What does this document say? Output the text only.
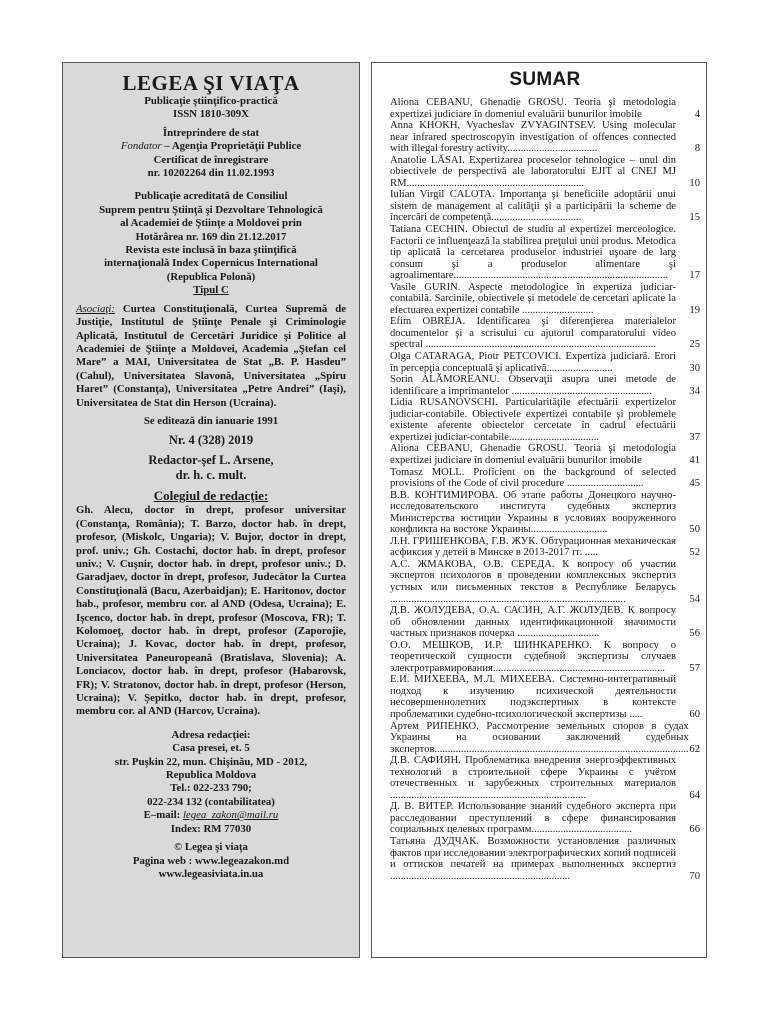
LEGEA ŞI VIAŢA
Publicaţie ştiinţifico-practică
ISSN 1810-309X
Întreprindere de stat
Fondator – Agenţia Proprietăţii Publice
Certificat de înregistrare
nr. 10202264 din 11.02.1993
Publicaţie acreditată de Consiliul
Suprem pentru Ştiinţă şi Dezvoltare Tehnologică
al Academiei de Ştiinţe a Moldovei prin
Hotărârea nr. 169 din 21.12.2017
Revista este inclusă în baza ştiinţifică
internaţională Index Copernicus International
(Republica Polonă)
Tipul C
Asociaţi: Curtea Constituţională, Curtea Supremă de Justiţie, Institutul de Ştiinţe Penale şi Criminologie Aplicată, Institutul de Cercetări Juridice şi Politice al Academiei de Ştiinţe a Moldovei, Academia „Ştefan cel Mare” a MAI, Universitatea de Stat „B. P. Hasdeu” (Cahul), Universitatea Slavonă, Universitatea „Spiru Haret” (Constanţa), Universitatea „Petre Andrei” (Iaşi), Universitatea de Stat din Herson (Ucraina).
Se editează din ianuarie 1991
Nr. 4 (328) 2019
Redactor-şef L. Arsene,
dr. h. c. mult.
Colegiul de redacţie:
Gh. Alecu, doctor în drept, profesor universitar (Constanţa, România); T. Barzo, doctor hab. în drept, profesor, (Miskolc, Ungaria); V. Bujor, doctor în drept, prof. univ.; Gh. Costachi, doctor hab. în drept, profesor univ.; V. Cuşnir, doctor hab. în drept, profesor univ.; D. Garadjaev, doctor în drept, profesor, Judecător la Curtea Constituţională (Bacu, Azerbaidjan); E. Haritonov, doctor hab., profesor, membru cor. al AND (Odesa, Ucraina); E. Işcenco, doctor hab. în drept, profesor (Moscova, FR); T. Kolomoeţ, doctor hab. în drept, profesor (Zaporojie, Ucraina); J. Kovac, doctor hab. în drept, profesor, Universitatea Paneuropeană (Bratislava, Slovenia); A. Lonciacov, doctor hab. în drept, profesor (Habarovsk, FR); V. Stratonov, doctor hab. în drept, profesor (Herson, Ucraina); V. Şepitko, doctor hab. în drept, profesor, membru cor. al AND (Harcov, Ucraina).
Adresa redacţiei:
Casa presei, et. 5
str. Puşkin 22, mun. Chişinău, MD - 2012,
Republica Moldova
Tel.: 022-233 790;
022-234 132 (contabilitatea)
E–mail: legea_zakon@mail.ru
Index: RM 77030
© Legea şi viaţa
Pagina web : www.legeazakon.md
www.legeasiviata.in.ua
SUMAR
Aliona CEBANU, Ghenadie GROSU. Teoria şi metodologia expertizei judiciare în domeniul evaluării bunurilor imobile	4
Anna KHOKH, Vyacheslav ZVYAGINTSEV. Using molecular near infrared spectroscopyin investigation of offences connected with illegal forestry activity..................................	8
Anatolie LĂSAI. Expertizarea proceselor tehnologice – unul din obiectivele de perspectivă ale laboratorului EJIT al CNEJ MJ RM...................................................................	10
Iulian Virgil CALOTA. Importanţa şi beneficiile adoptării unui sistem de management al calităţii şi a participării la scheme de încercări de competenţă..................................	15
Tatiana CECHIN. Obiectul de studiu al expertizei merceologice. Factorii ce influenţează la stabilirea preţului unui produs. Metodica tip aplicată la cercetarea produselor industriei uşoare de larg consum şi a produselor alimentare şi agroalimentare.................................................................................	17
Vasile GURIN. Aspecte metodologice în expertiza judiciar-contabilă. Sarcinile, obiectivele şi metodele de cercetari aplicate la efectuarea expertizei contabile ...........................	19
Efim OBREJA. Identificarea şi diferenţierea materialelor documentelor şi a scrisului cu ajutorul comparatorului video spectral .......................................................................................	25
Olga CATARAGA, Piotr PETCOVICI. Expertiza judiciară. Erori în percepţia conceptuală şi aplicativă.........................	30
Sorin ALĂMOREANU. Observaţii asupra unei metode de identificare a imprimantelor .....................................................	34
Lidia RUSANOVSCHI. Particularităţile efectuării expertizelor judiciar-contabile. Obiectivele expertizei contabile şi problemele existente aferente obiectelor cercetate în cadrul efectuării expertizei judiciar-contabile..................................	37
Aliona CEBANU, Ghenadie GROSU. Teoria şi metodologia expertizei judiciare în domeniul evaluării bunurilor imobile	41
Tomasz MOLL. Proficient on the background of selected provisions of the Code of civil procedure .............................	45
В.В. КОНТИМИРОВА. Об этапе работы Донецкого научно-исследовательского института судебных экспертиз Министерства юстиции Украины в условиях вооруженного конфликта на востоке Украины.............................	50
Л.Н. ГРИШЕНКОВА, Г.В. ЖУК. Обтурационная механическая асфиксия у детей в Минске в 2013-2017 гг. .....	52
А.С. ЖМАКОВА, О.В. СЕРЕДА. К вопросу об участии экспертов психологов в проведении комплексных экспертиз устных или письменных текстов в Республике Беларусь .........................................................................................	54
Д.В. ЖОЛУДЕВА, О.А. САСИН, А.Г. ЖОЛУДЕВ. К вопросу об обновлении данных идентификационной значимости частных признаков почерка ...............................	56
О.О. МЕШКОВ, И.Р. ШИНКАРЕНКО. К вопросу о теоретической сущности судебной экспертизы случаев электротравмирования.................................................................	57
Е.И. МИХЕЕВА, М.Л. МИХЕЕВА. Системно-интегративный подход к изучению психической деятельности несовершеннолетних подэкспертных в контексте проблематики судебно-психологической экспертизы .....	60
Артем РИПЕНКО. Рассмотрение земельных споров в судах Украины на основании заключений судебных экспертов................................................................................................ 62
Д.В. САФИЯН. Проблематика внедрения энергоэффективных технологий в строительной сфере Украины с учётом отечественных и зарубежных строительных материалов ..........................................................................	64
Д. В. ВИТЕР. Использование знаний судебного эксперта при расследовании преступлений в сфере финансирования социальных целевых программ......................................	66
Татьяна ДУДЧАК. Возможности установления различных фактов при исследовании электрографических копий подписей и оттисков печатей на примерах выполненных экспертиз ....................................................................	70
